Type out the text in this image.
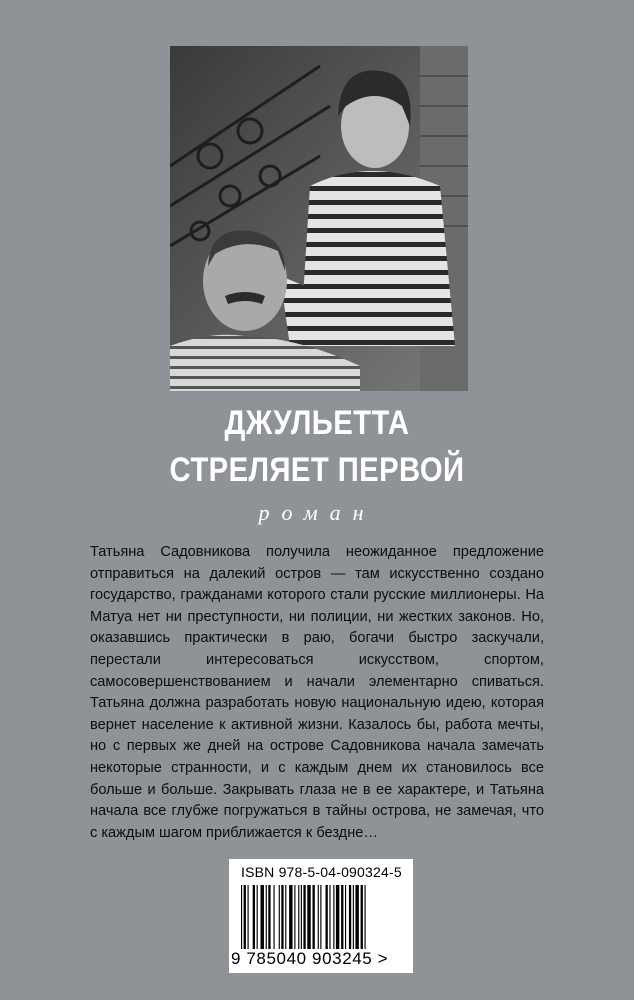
ДЖУЛЬЕТТА
СТРЕЛЯЕТ ПЕРВОЙ
роман
Татьяна Садовникова получила неожиданное предложение отправиться на далекий остров — там искусственно создано государство, гражданами которого стали русские миллионеры. На Матуа нет ни преступности, ни полиции, ни жестких законов. Но, оказавшись практически в раю, богачи быстро заскучали, перестали интересоваться искусством, спортом, самосовершенствованием и начали элементарно спиваться. Татьяна должна разработать новую национальную идею, которая вернет население к активной жизни. Казалось бы, работа мечты, но с первых же дней на острове Садовникова начала замечать некоторые странности, и с каждым днем их становилось все больше и больше. Закрывать глаза не в ее характере, и Татьяна начала все глубже погружаться в тайны острова, не замечая, что с каждым шагом приближается к бездне…
ISBN 978-5-04-090324-5
9 785040 903245 >
